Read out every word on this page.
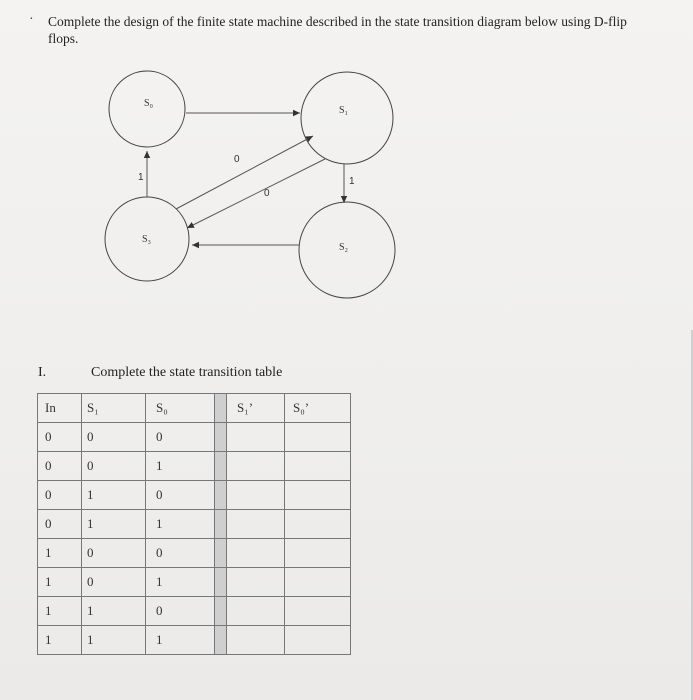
· Complete the design of the finite state machine described in the state transition diagram below using D-flip flops.
S₀
S₁
S₃
S₂
0
0
1
1
I.	Complete the state transition table
In	S₁	S₀		S₁’	S₀’
0	0	0			
0	0	1			
0	1	0			
0	1	1			
1	0	0			
1	0	1			
1	1	0			
1	1	1			
